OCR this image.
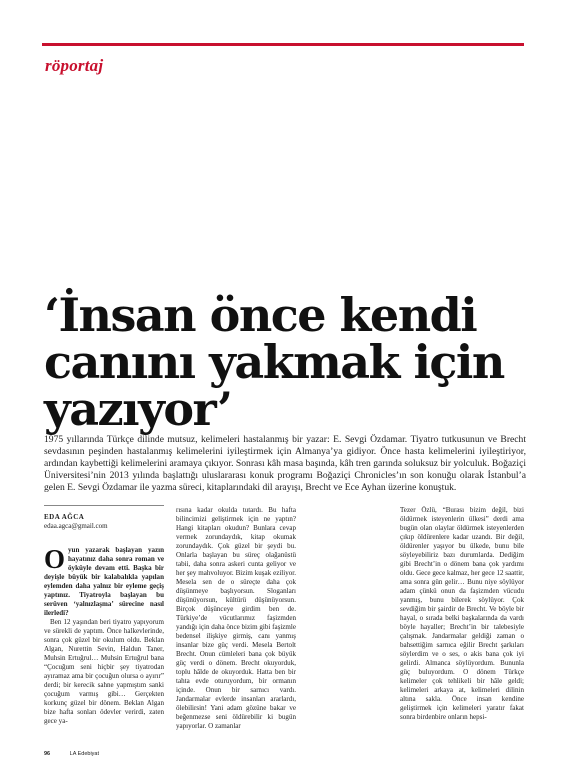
röportaj
‘İnsan önce kendi
canını yakmak için
yazıyor’

1975 yıllarında Türkçe dilinde mutsuz, kelimeleri hastalanmış bir yazar: E. Sevgi Özdamar. Tiyatro tutkusunun ve Brecht sevdasının peşinden hastalanmış kelimelerini iyileştirmek için Almanya’ya gidiyor. Önce hasta kelimelerini iyileştiriyor, ardından kaybettiği kelimelerini aramaya çıkıyor. Sonrası kâh masa başında, kâh tren garında soluksuz bir yolculuk. Boğaziçi Üniversitesi’nin 2013 yılında başlattığı uluslararası konuk programı Boğaziçi Chronicles’ın son konuğu olarak İstanbul’a gelen E. Sevgi Özdamar ile yazma süreci, kitaplarındaki dil arayışı, Brecht ve Ece Ayhan üzerine konuştuk.

EDA AĞCA
edaa.agca@gmail.com

Oyun yazarak başlayan yazın hayatınız daha sonra roman ve öyküyle devam etti. Başka bir deyişle büyük bir kalabalıkla yapılan eylemden daha yalnız bir eyleme geçiş yaptınız. Tiyatroyla başlayan bu serüven ‘yalnızlaşma’ sürecine nasıl ilerledi?

Ben 12 yaşından beri tiyatro yapıyorum ve sürekli de yaptım. Önce halkevlerinde, sonra çok güzel bir okulum oldu. Beklan Algan, Nurettin Sevin, Haldun Taner, Muhsin Ertuğrul… Muhsin Ertuğrul bana “Çocuğum seni hiçbir şey tiyatrodan ayıramaz ama bir çocuğun olursa o ayırır” derdi; bir kerecik sahne yapmıştım sanki çocuğum varmış gibi… Gerçekten korkunç güzel bir dönem. Beklan Algan bize hafta sonları ödevler verirdi, zaten gece ya-

rısına kadar okulda tutardı. Bu hafta bilincimizi geliştirmek için ne yaptın? Hangi kitapları okudun? Bunlara cevap vermek zorundaydık, kitap okumak zorundaydık. Çok güzel bir şeydi bu. Onlarla başlayan bu süreç olağanüstü tabii, daha sonra askeri cunta geliyor ve her şey mahvoluyor. Bizim kuşak eziliyor. Mesela sen de o süreçte daha çok düşünmeye başlıyorsun. Sloganları düşünüyorsun, kültürü düşünüyorsun. Birçok düşünceye girdim ben de. Türkiye’de vücutlarımız faşizmden yandığı için daha önce bizim gibi faşizmle bedensel ilişkiye girmiş, canı yanmış insanlar bize güç verdi. Mesela Bertolt Brecht. Onun cümleleri bana çok büyük güç verdi o dönem. Brecht okuyorduk, toplu hâlde de okuyorduk. Hatta ben bir tahta evde oturuyordum, bir ormanın içinde. Onun bir sarnıcı vardı. Jandarmalar evlerde insanları ararlardı, ölebilirsin! Yani adam gözüne bakar ve beğenmezse seni öldürebilir ki bugün yapıyorlar. O zamanlar

Tezer Özlü, “Burası bizim değil, bizi öldürmek isteyenlerin ülkesi” derdi ama bugün olan olaylar öldürmek isteyenlerden çıkıp öldürenlere kadar uzandı. Bir değil, öldürenler yaşıyor bu ülkede, bunu bile söyleyebiliriz bazı durumlarda. Dediğim gibi Brecht’in o dönem bana çok yardımı oldu. Gece gece kalmaz, her gece 12 saattir, ama sonra gün gelir… Bunu niye söylüyor adam çünkü onun da faşizmden vücudu yanmış, bunu bilerek söylüyor. Çok sevdiğim bir şairdir de Brecht. Ve böyle bir hayal, o sırada belki başkalarında da vardı böyle hayaller; Brecht’in bir talebesiyle çalışmak. Jandarmalar geldiği zaman o bahsettiğim sarnıca eğilir Brecht şarkıları söylerdim ve o ses, o akis bana çok iyi gelirdi. Almanca söylüyordum. Bununla güç buluyordum. O dönem Türkçe kelimeler çok tehlikeli bir hâle geldi; kelimeleri arkaya at, kelimeleri dilinin altına sakla. Önce insan kendine geliştirmek için kelimeleri yaratır fakat sonra birdenbire onların hepsi-

96	LA Edebiyat
